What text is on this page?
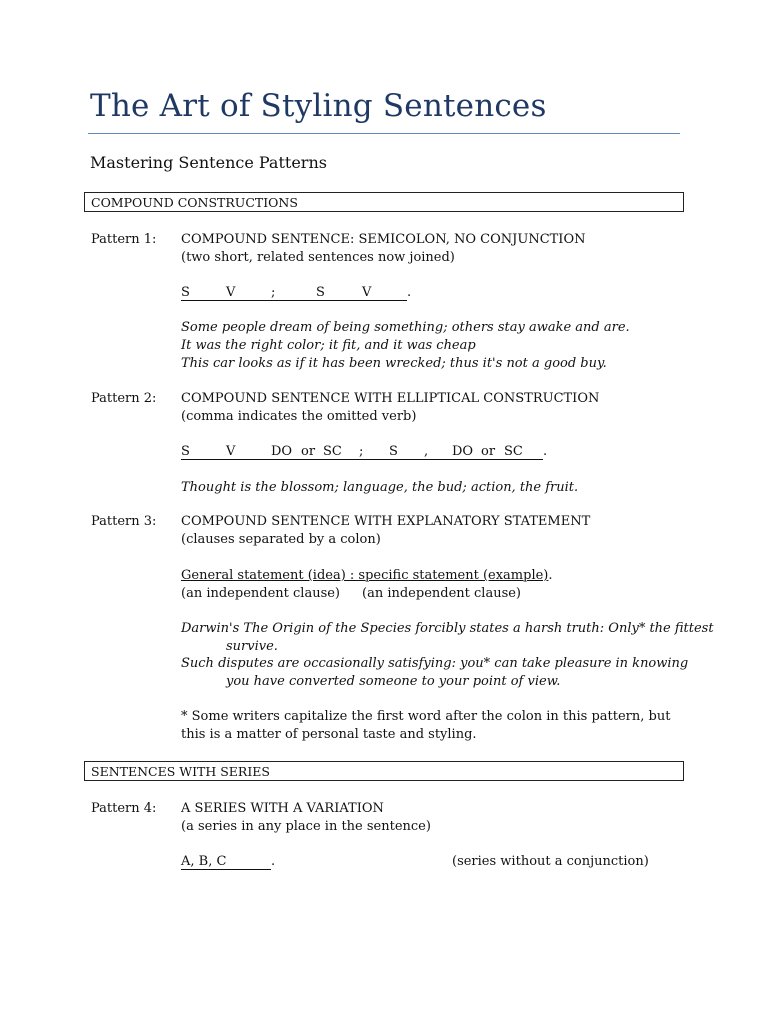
The Art of Styling Sentences
Mastering Sentence Patterns
COMPOUND CONSTRUCTIONS
Pattern 1: COMPOUND SENTENCE: SEMICOLON, NO CONJUNCTION
(two short, related sentences now joined)
S	V	;	S	V	.
Some people dream of being something; others stay awake and are.
It was the right color; it fit, and it was cheap
This car looks as if it has been wrecked; thus it's not a good buy.
Pattern 2: COMPOUND SENTENCE WITH ELLIPTICAL CONSTRUCTION
(comma indicates the omitted verb)
S	V	DO or SC ; S , DO or SC .
Thought is the blossom; language, the bud; action, the fruit.
Pattern 3: COMPOUND SENTENCE WITH EXPLANATORY STATEMENT
(clauses separated by a colon)
General statement (idea) : specific statement (example).
(an independent clause) (an independent clause)
Darwin's The Origin of the Species forcibly states a harsh truth: Only* the fittest
survive.
Such disputes are occasionally satisfying: you* can take pleasure in knowing
you have converted someone to your point of view.
* Some writers capitalize the first word after the colon in this pattern, but
this is a matter of personal taste and styling.
SENTENCES WITH SERIES
Pattern 4: A SERIES WITH A VARIATION
(a series in any place in the sentence)
A, B, C	.	(series without a conjunction)
